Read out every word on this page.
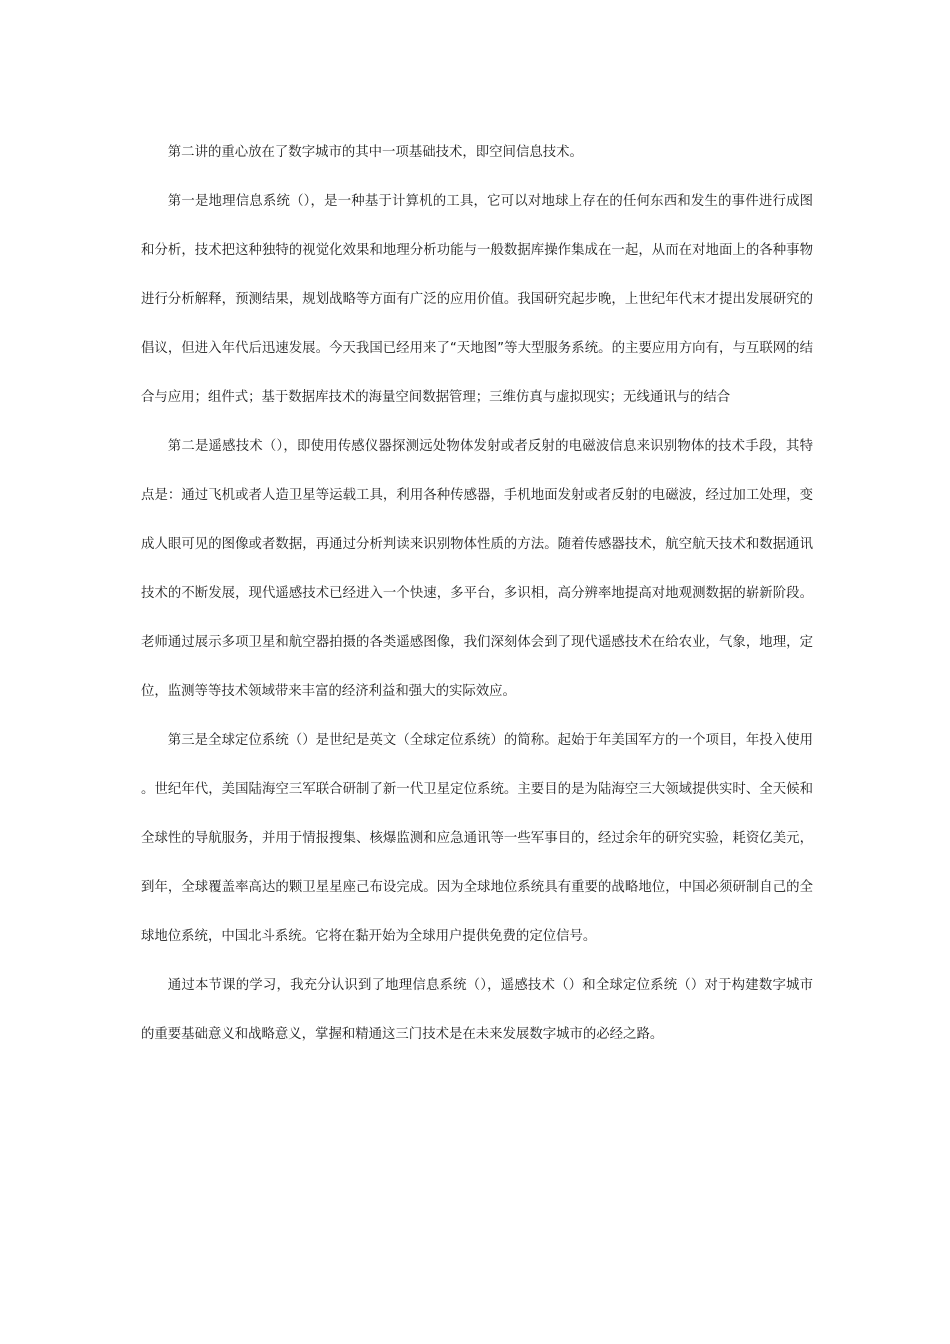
第二讲的重心放在了数字城市的其中一项基础技术，即空间信息技术。

第一是地理信息系统（），是一种基于计算机的工具，它可以对地球上存在的任何东西和发生的事件进行成图和分析，技术把这种独特的视觉化效果和地理分析功能与一般数据库操作集成在一起，从而在对地面上的各种事物进行分析解释，预测结果，规划战略等方面有广泛的应用价值。我国研究起步晚，上世纪年代末才提出发展研究的倡议，但进入年代后迅速发展。今天我国已经用来了“天地图”等大型服务系统。的主要应用方向有，与互联网的结合与应用；组件式；基于数据库技术的海量空间数据管理；三维仿真与虚拟现实；无线通讯与的结合

第二是遥感技术（），即使用传感仪器探测远处物体发射或者反射的电磁波信息来识别物体的技术手段，其特点是：通过飞机或者人造卫星等运载工具，利用各种传感器，手机地面发射或者反射的电磁波，经过加工处理，变成人眼可见的图像或者数据，再通过分析判读来识别物体性质的方法。随着传感器技术，航空航天技术和数据通讯技术的不断发展，现代遥感技术已经进入一个快速，多平台，多识相，高分辨率地提高对地观测数据的崭新阶段。老师通过展示多项卫星和航空器拍摄的各类遥感图像，我们深刻体会到了现代遥感技术在给农业，气象，地理，定位，监测等等技术领域带来丰富的经济利益和强大的实际效应。

第三是全球定位系统（）是世纪是英文（全球定位系统）的简称。起始于年美国军方的一个项目，年投入使用。世纪年代，美国陆海空三军联合研制了新一代卫星定位系统。主要目的是为陆海空三大领域提供实时、全天候和全球性的导航服务，并用于情报搜集、核爆监测和应急通讯等一些军事目的，经过余年的研究实验，耗资亿美元，到年，全球覆盖率高达的颗卫星星座己布设完成。因为全球地位系统具有重要的战略地位，中国必须研制自己的全球地位系统，中国北斗系统。它将在黏开始为全球用户提供免费的定位信号。

通过本节课的学习，我充分认识到了地理信息系统（），遥感技术（）和全球定位系统（）对于构建数字城市的重要基础意义和战略意义，掌握和精通这三门技术是在未来发展数字城市的必经之路。
